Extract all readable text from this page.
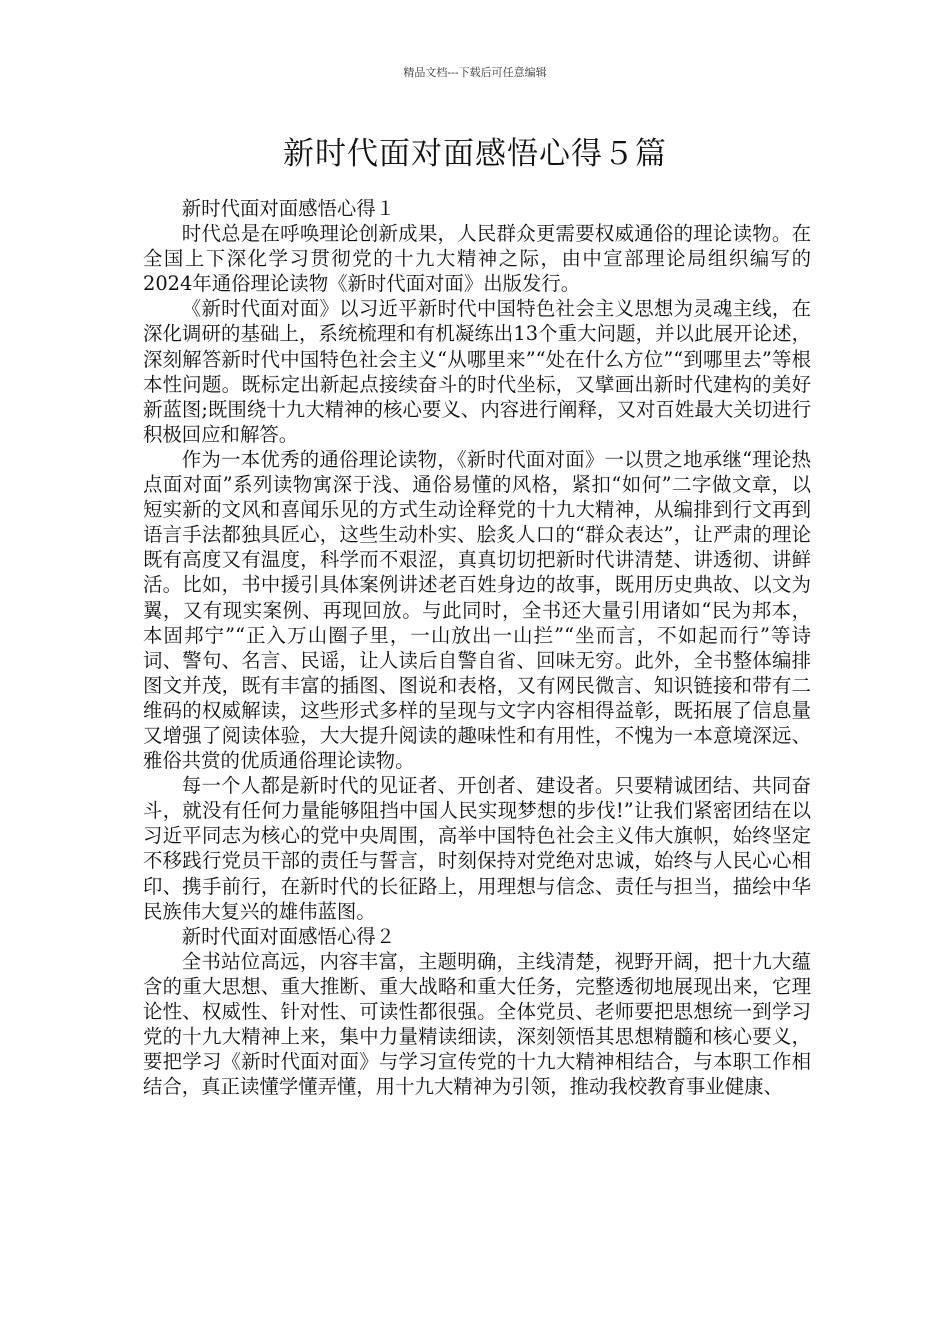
精品文档---下载后可任意编辑
新时代面对面感悟心得５篇

新时代面对面感悟心得１

时代总是在呼唤理论创新成果，人民群众更需要权威通俗的理论读物。在全国上下深化学习贯彻党的十九大精神之际，由中宣部理论局组织编写的2024年通俗理论读物《新时代面对面》出版发行。

《新时代面对面》以习近平新时代中国特色社会主义思想为灵魂主线，在深化调研的基础上，系统梳理和有机凝练出13个重大问题，并以此展开论述，深刻解答新时代中国特色社会主义“从哪里来”“处在什么方位”“到哪里去”等根本性问题。既标定出新起点接续奋斗的时代坐标，又擘画出新时代建构的美好新蓝图;既围绕十九大精神的核心要义、内容进行阐释，又对百姓最大关切进行积极回应和解答。

作为一本优秀的通俗理论读物，《新时代面对面》一以贯之地承继“理论热点面对面”系列读物寓深于浅、通俗易懂的风格，紧扣“如何”二字做文章，以短实新的文风和喜闻乐见的方式生动诠释党的十九大精神，从编排到行文再到语言手法都独具匠心，这些生动朴实、脍炙人口的“群众表达”，让严肃的理论既有高度又有温度，科学而不艰涩，真真切切把新时代讲清楚、讲透彻、讲鲜活。比如，书中援引具体案例讲述老百姓身边的故事，既用历史典故、以文为翼，又有现实案例、再现回放。与此同时，全书还大量引用诸如“民为邦本，本固邦宁”“正入万山圈子里，一山放出一山拦”“坐而言，不如起而行”等诗词、警句、名言、民谣，让人读后自警自省、回味无穷。此外，全书整体编排图文并茂，既有丰富的插图、图说和表格，又有网民微言、知识链接和带有二维码的权威解读，这些形式多样的呈现与文字内容相得益彰，既拓展了信息量又增强了阅读体验，大大提升阅读的趣味性和有用性，不愧为一本意境深远、雅俗共赏的优质通俗理论读物。

每一个人都是新时代的见证者、开创者、建设者。只要精诚团结、共同奋斗，就没有任何力量能够阻挡中国人民实现梦想的步伐!”让我们紧密团结在以习近平同志为核心的党中央周围，高举中国特色社会主义伟大旗帜，始终坚定不移践行党员干部的责任与誓言，时刻保持对党绝对忠诚，始终与人民心心相印、携手前行，在新时代的长征路上，用理想与信念、责任与担当，描绘中华民族伟大复兴的雄伟蓝图。

新时代面对面感悟心得２

全书站位高远，内容丰富，主题明确，主线清楚，视野开阔，把十九大蕴含的重大思想、重大推断、重大战略和重大任务，完整透彻地展现出来，它理论性、权威性、针对性、可读性都很强。全体党员、老师要把思想统一到学习党的十九大精神上来，集中力量精读细读，深刻领悟其思想精髓和核心要义，要把学习《新时代面对面》与学习宣传党的十九大精神相结合，与本职工作相结合，真正读懂学懂弄懂，用十九大精神为引领，推动我校教育事业健康、
